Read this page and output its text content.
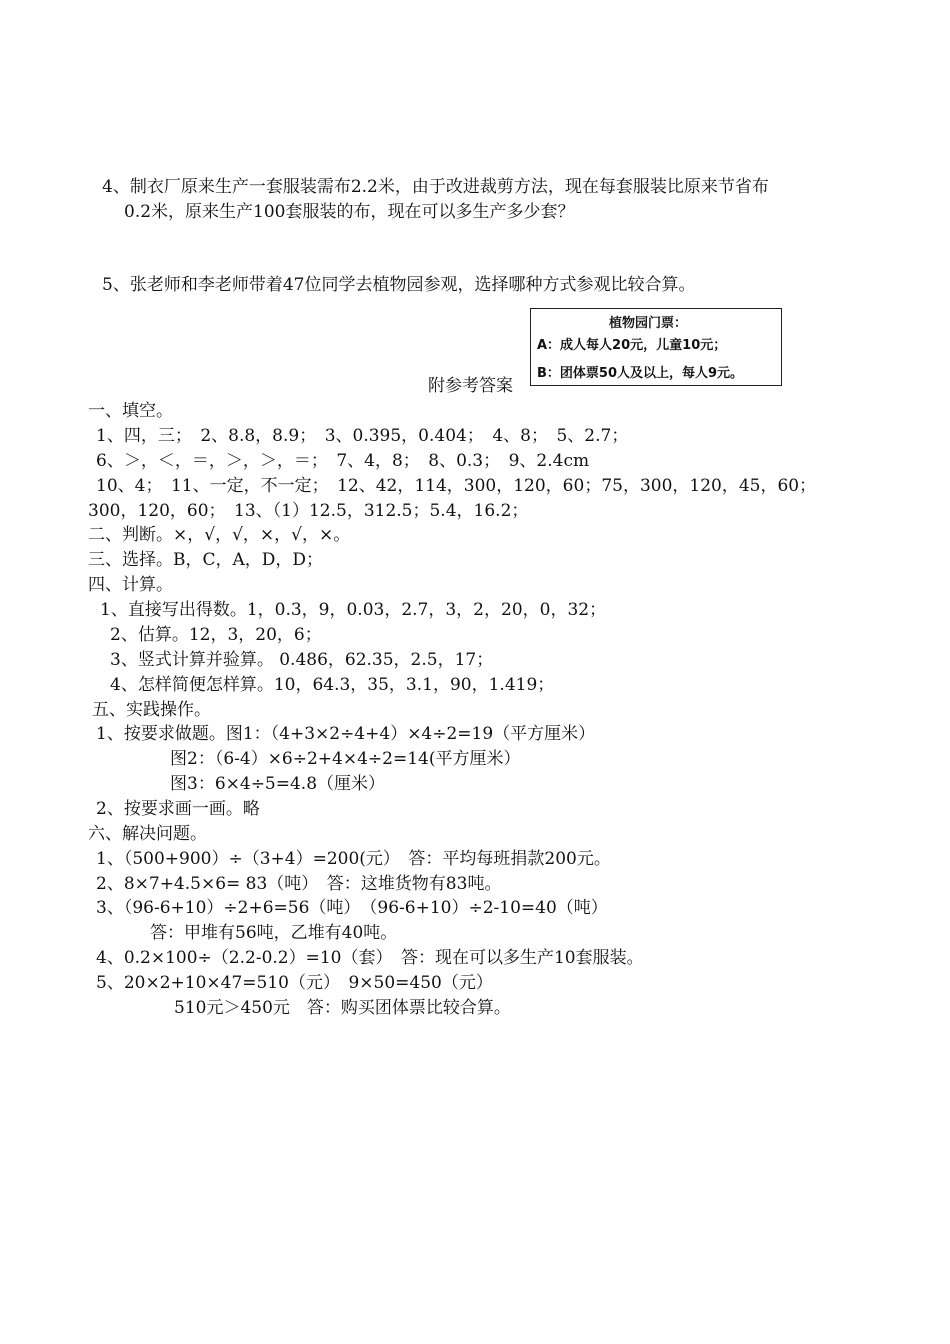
4、制衣厂原来生产一套服装需布2.2米，由于改进裁剪方法，现在每套服装比原来节省布
0.2米，原来生产100套服装的布，现在可以多生产多少套？
5、张老师和李老师带着47位同学去植物园参观，选择哪种方式参观比较合算。
植物园门票：
A：成人每人20元，儿童10元；
B：团体票50人及以上，每人9元。
附参考答案
一、填空。
1、四，三；　2、8.8，8.9；　3、0.395，0.404；　4、8；　5、2.7；
6、＞，＜，＝，＞，＞，＝；　7、4，8；　8、0.3；　9、2.4cm
10、4；　11、一定，不一定；　12、42，114，300，120，60；75，300，120，45，60；
300，120，60；　13、（1）12.5，312.5；5.4，16.2；
二、判断。×，√，√，×，√，×。
三、选择。B，C，A，D，D；
四、计算。
1、直接写出得数。1，0.3，9，0.03，2.7，3，2，20，0，32；
2、估算。12，3，20，6；
3、竖式计算并验算。 0.486，62.35，2.5，17；
4、怎样简便怎样算。10，64.3，35，3.1，90，1.419；
五、实践操作。
1、按要求做题。图1：（4+3×2÷4+4）×4÷2=19（平方厘米）
图2：（6-4）×6÷2+4×4÷2=14(平方厘米）
图3：6×4÷5=4.8（厘米）
2、按要求画一画。略
六、解决问题。
1、（500+900）÷（3+4）=200(元）　答：平均每班捐款200元。
2、8×7+4.5×6= 83（吨）　答：这堆货物有83吨。
3、（96-6+10）÷2+6=56（吨）　（96-6+10）÷2-10=40（吨）
答：甲堆有56吨，乙堆有40吨。
4、0.2×100÷（2.2-0.2）=10（套）　答：现在可以多生产10套服装。
5、20×2+10×47=510（元）　9×50=450（元）
510元＞450元　答：购买团体票比较合算。
